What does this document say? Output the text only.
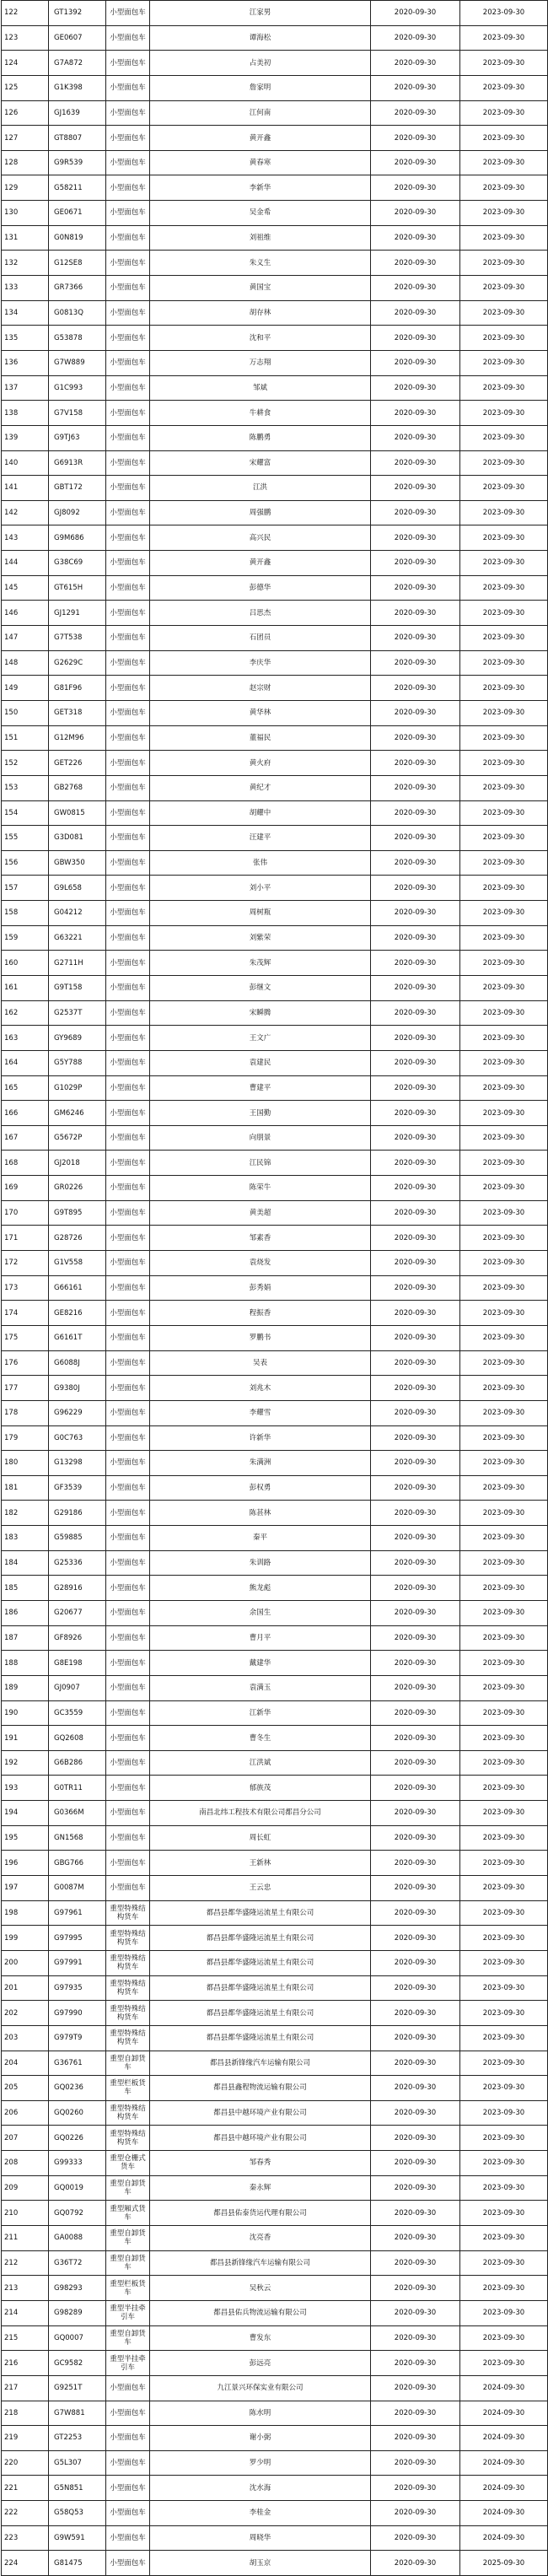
122	GT1392	小型面包车	江家男	2020-09-30	2023-09-30
123	GE0607	小型面包车	谭海松	2020-09-30	2023-09-30
124	G7A872	小型面包车	占美初	2020-09-30	2023-09-30
125	G1K398	小型面包车	詹家明	2020-09-30	2023-09-30
126	GJ1639	小型面包车	江何南	2020-09-30	2023-09-30
127	GT8807	小型面包车	黄开鑫	2020-09-30	2023-09-30
128	G9R539	小型面包车	黄春寒	2020-09-30	2023-09-30
129	G58211	小型面包车	李新华	2020-09-30	2023-09-30
130	GE0671	小型面包车	吴金希	2020-09-30	2023-09-30
131	G0N819	小型面包车	刘祖维	2020-09-30	2023-09-30
132	G12SE8	小型面包车	朱义生	2020-09-30	2023-09-30
133	GR7366	小型面包车	黄国宝	2020-09-30	2023-09-30
134	G0813Q	小型面包车	胡存林	2020-09-30	2023-09-30
135	G53878	小型面包车	沈和平	2020-09-30	2023-09-30
136	G7W889	小型面包车	万志翔	2020-09-30	2023-09-30
137	G1C993	小型面包车	邹斌	2020-09-30	2023-09-30
138	G7V158	小型面包车	牛耕食	2020-09-30	2023-09-30
139	G9TJ63	小型面包车	陈鹏勇	2020-09-30	2023-09-30
140	G6913R	小型面包车	宋耀富	2020-09-30	2023-09-30
141	GBT172	小型面包车	江洪	2020-09-30	2023-09-30
142	GJ8092	小型面包车	周强鹏	2020-09-30	2023-09-30
143	G9M686	小型面包车	高兴民	2020-09-30	2023-09-30
144	G38C69	小型面包车	黄开鑫	2020-09-30	2023-09-30
145	GT615H	小型面包车	彭德华	2020-09-30	2023-09-30
146	GJ1291	小型面包车	吕思杰	2020-09-30	2023-09-30
147	G7T538	小型面包车	石团员	2020-09-30	2023-09-30
148	G2629C	小型面包车	李庆华	2020-09-30	2023-09-30
149	G81F96	小型面包车	赵宗财	2020-09-30	2023-09-30
150	GET318	小型面包车	黄华林	2020-09-30	2023-09-30
151	G12M96	小型面包车	董福民	2020-09-30	2023-09-30
152	GET226	小型面包车	黄火府	2020-09-30	2023-09-30
153	GB2768	小型面包车	黄纪才	2020-09-30	2023-09-30
154	GW0815	小型面包车	胡耀中	2020-09-30	2023-09-30
155	G3D081	小型面包车	汪建平	2020-09-30	2023-09-30
156	GBW350	小型面包车	张伟	2020-09-30	2023-09-30
157	G9L658	小型面包车	刘小平	2020-09-30	2023-09-30
158	G04212	小型面包车	周树瓶	2020-09-30	2023-09-30
159	G63221	小型面包车	刘紫荣	2020-09-30	2023-09-30
160	G2711H	小型面包车	朱茂辉	2020-09-30	2023-09-30
161	G9T158	小型面包车	彭继文	2020-09-30	2023-09-30
162	G2537T	小型面包车	宋瞬腾	2020-09-30	2023-09-30
163	GY9689	小型面包车	王文广	2020-09-30	2023-09-30
164	G5Y788	小型面包车	袁建民	2020-09-30	2023-09-30
165	G1029P	小型面包车	曹建平	2020-09-30	2023-09-30
166	GM6246	小型面包车	王国勤	2020-09-30	2023-09-30
167	G5672P	小型面包车	向朋景	2020-09-30	2023-09-30
168	GJ2018	小型面包车	江民锦	2020-09-30	2023-09-30
169	GR0226	小型面包车	陈荣牛	2020-09-30	2023-09-30
170	G9T895	小型面包车	黄美超	2020-09-30	2023-09-30
171	G28726	小型面包车	邹素香	2020-09-30	2023-09-30
172	G1V558	小型面包车	袁烧发	2020-09-30	2023-09-30
173	G66161	小型面包车	彭秀娟	2020-09-30	2023-09-30
174	GE8216	小型面包车	程振香	2020-09-30	2023-09-30
175	G6161T	小型面包车	罗鹏书	2020-09-30	2023-09-30
176	G6088J	小型面包车	吴表	2020-09-30	2023-09-30
177	G9380J	小型面包车	刘兆木	2020-09-30	2023-09-30
178	G96229	小型面包车	李耀雪	2020-09-30	2023-09-30
179	G0C763	小型面包车	许新华	2020-09-30	2023-09-30
180	G13298	小型面包车	朱满洲	2020-09-30	2023-09-30
181	GF3539	小型面包车	彭权勇	2020-09-30	2023-09-30
182	G29186	小型面包车	陈甚林	2020-09-30	2023-09-30
183	G59885	小型面包车	秦平	2020-09-30	2023-09-30
184	G25336	小型面包车	朱训路	2020-09-30	2023-09-30
185	G28916	小型面包车	熊龙彪	2020-09-30	2023-09-30
186	G20677	小型面包车	余国生	2020-09-30	2023-09-30
187	GF8926	小型面包车	曹月平	2020-09-30	2023-09-30
188	G8E198	小型面包车	戴建华	2020-09-30	2023-09-30
189	GJ0907	小型面包车	袁满玉	2020-09-30	2023-09-30
190	GC3559	小型面包车	江新华	2020-09-30	2023-09-30
191	GQ2608	小型面包车	曹冬生	2020-09-30	2023-09-30
192	G6B286	小型面包车	江洪斌	2020-09-30	2023-09-30
193	G0TR11	小型面包车	郁族茂	2020-09-30	2023-09-30
194	G0366M	小型面包车	南昌北纬工程技术有限公司都昌分公司	2020-09-30	2023-09-30
195	GN1568	小型面包车	周长虹	2020-09-30	2023-09-30
196	GBG766	小型面包车	王新林	2020-09-30	2023-09-30
197	G0087M	小型面包车	王云忠	2020-09-30	2023-09-30
198	G97961	重型特殊结构货车	都昌县都华盛隆运流星土有限公司	2020-09-30	2023-09-30
199	G97995	重型特殊结构货车	都昌县都华盛隆运流星土有限公司	2020-09-30	2023-09-30
200	G97991	重型特殊结构货车	都昌县都华盛隆运流星土有限公司	2020-09-30	2023-09-30
201	G97935	重型特殊结构货车	都昌县都华盛隆运流星土有限公司	2020-09-30	2023-09-30
202	G97990	重型特殊结构货车	都昌县都华盛隆运流星土有限公司	2020-09-30	2023-09-30
203	G979T9	重型特殊结构货车	都昌县都华盛隆运流星土有限公司	2020-09-30	2023-09-30
204	G36761	重型自卸货车	都昌县新锋缘汽车运输有限公司	2020-09-30	2023-09-30
205	GQ0236	重型栏板货车	都昌县鑫程物流运输有限公司	2020-09-30	2023-09-30
206	GQ0260	重型特殊结构货车	都昌县中越环境产业有限公司	2020-09-30	2023-09-30
207	GQ0226	重型特殊结构货车	都昌县中越环境产业有限公司	2020-09-30	2023-09-30
208	G99333	重型仓栅式货车	邹春秀	2020-09-30	2023-09-30
209	GQ0019	重型自卸货车	秦永辉	2020-09-30	2023-09-30
210	GQ0792	重型厢式货车	都昌县佑泰货运代理有限公司	2020-09-30	2023-09-30
211	GA0088	重型自卸货车	沈亮香	2020-09-30	2023-09-30
212	G36T72	重型自卸货车	都昌县新锋缘汽车运输有限公司	2020-09-30	2023-09-30
213	G98293	重型栏板货车	吴秋云	2020-09-30	2023-09-30
214	G98289	重型半挂牵引车	都昌县佑兵物流运输有限公司	2020-09-30	2023-09-30
215	GQ0007	重型自卸货车	曹发东	2020-09-30	2023-09-30
216	GC9582	重型半挂牵引车	彭远亮	2020-09-30	2023-09-30
217	G9251T	小型面包车	九江景兴环保实业有限公司	2020-09-30	2024-09-30
218	G7W881	小型面包车	陈水明	2020-09-30	2024-09-30
219	GT2253	小型面包车	谢小弼	2020-09-30	2024-09-30
220	G5L307	小型面包车	罗少明	2020-09-30	2024-09-30
221	G5N851	小型面包车	沈水海	2020-09-30	2024-09-30
222	G58Q53	小型面包车	李桂金	2020-09-30	2024-09-30
223	G9W591	小型面包车	周晓华	2020-09-30	2024-09-30
224	G81475	小型面包车	胡玉京	2020-09-30	2025-09-30
